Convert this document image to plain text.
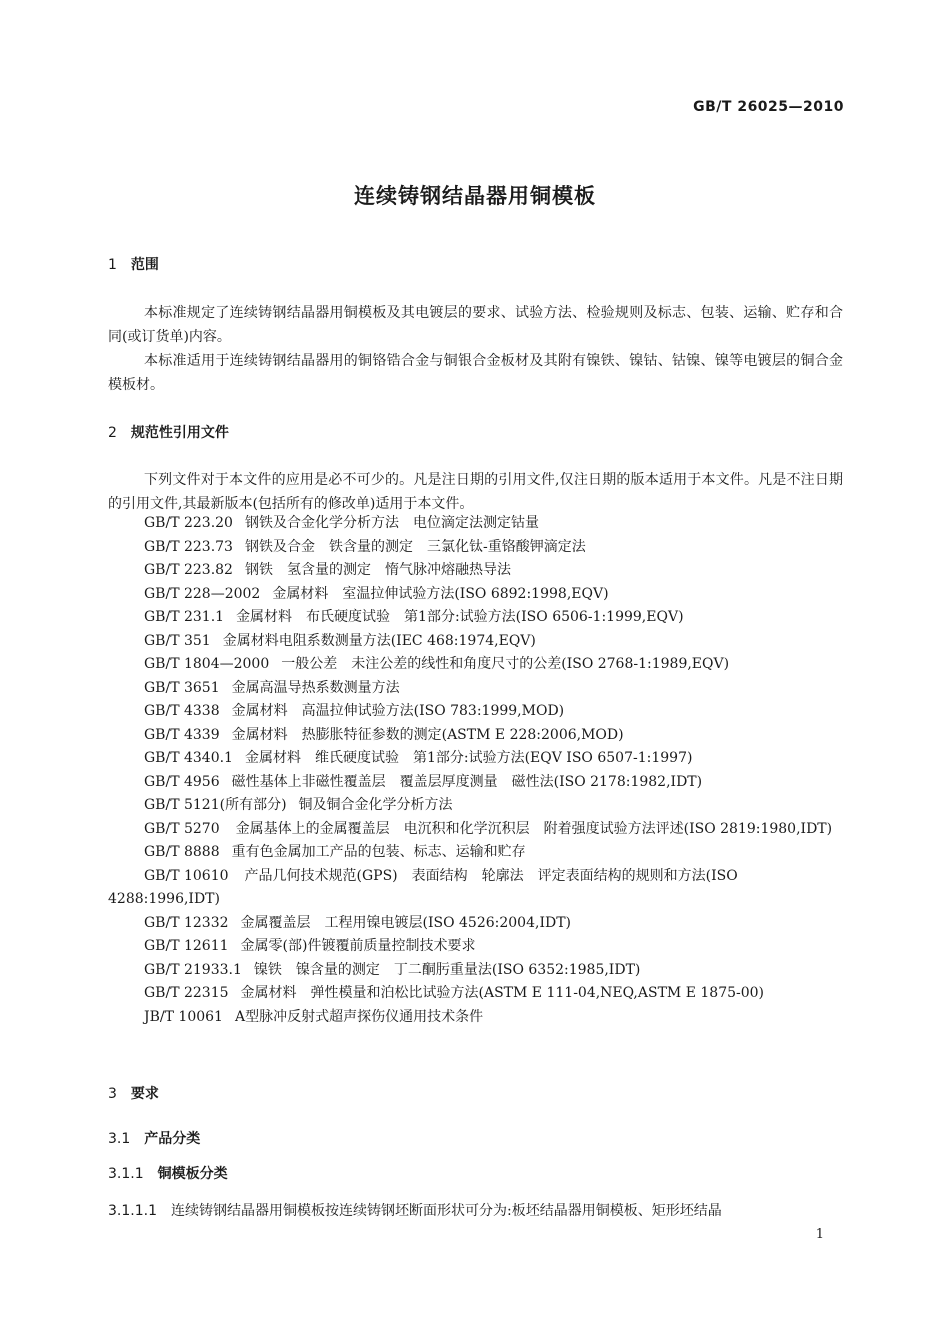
GB/T 26025—2010
连续铸钢结晶器用铜模板
1 范围
本标准规定了连续铸钢结晶器用铜模板及其电镀层的要求、试验方法、检验规则及标志、包装、运输、贮存和合同(或订货单)内容。
本标准适用于连续铸钢结晶器用的铜铬锆合金与铜银合金板材及其附有镍铁、镍钴、钴镍、镍等电镀层的铜合金模板材。
2 规范性引用文件
下列文件对于本文件的应用是必不可少的。凡是注日期的引用文件,仅注日期的版本适用于本文件。凡是不注日期的引用文件,其最新版本(包括所有的修改单)适用于本文件。
GB/T 223.20 钢铁及合金化学分析方法　电位滴定法测定钴量
GB/T 223.73 钢铁及合金　铁含量的测定　三氯化钛-重铬酸钾滴定法
GB/T 223.82 钢铁　氢含量的测定　惰气脉冲熔融热导法
GB/T 228—2002 金属材料　室温拉伸试验方法(ISO 6892:1998,EQV)
GB/T 231.1 金属材料　布氏硬度试验　第1部分:试验方法(ISO 6506-1:1999,EQV)
GB/T 351 金属材料电阻系数测量方法(IEC 468:1974,EQV)
GB/T 1804—2000 一般公差　未注公差的线性和角度尺寸的公差(ISO 2768-1:1989,EQV)
GB/T 3651 金属高温导热系数测量方法
GB/T 4338 金属材料　高温拉伸试验方法(ISO 783:1999,MOD)
GB/T 4339 金属材料　热膨胀特征参数的测定(ASTM E 228:2006,MOD)
GB/T 4340.1 金属材料　维氏硬度试验　第1部分:试验方法(EQV ISO 6507-1:1997)
GB/T 4956 磁性基体上非磁性覆盖层　覆盖层厚度测量　磁性法(ISO 2178:1982,IDT)
GB/T 5121(所有部分) 铜及铜合金化学分析方法
GB/T 5270 金属基体上的金属覆盖层　电沉积和化学沉积层　附着强度试验方法评述(ISO 2819:1980,IDT)
GB/T 8888 重有色金属加工产品的包装、标志、运输和贮存
GB/T 10610 产品几何技术规范(GPS)　表面结构　轮廓法　评定表面结构的规则和方法(ISO 4288:1996,IDT)
GB/T 12332 金属覆盖层　工程用镍电镀层(ISO 4526:2004,IDT)
GB/T 12611 金属零(部)件镀覆前质量控制技术要求
GB/T 21933.1 镍铁　镍含量的测定　丁二酮肟重量法(ISO 6352:1985,IDT)
GB/T 22315 金属材料　弹性模量和泊松比试验方法(ASTM E 111-04,NEQ,ASTM E 1875-00)
JB/T 10061 A型脉冲反射式超声探伤仪通用技术条件
3 要求
3.1 产品分类
3.1.1 铜模板分类
3.1.1.1 连续铸钢结晶器用铜模板按连续铸钢坯断面形状可分为:板坯结晶器用铜模板、矩形坯结晶
1
